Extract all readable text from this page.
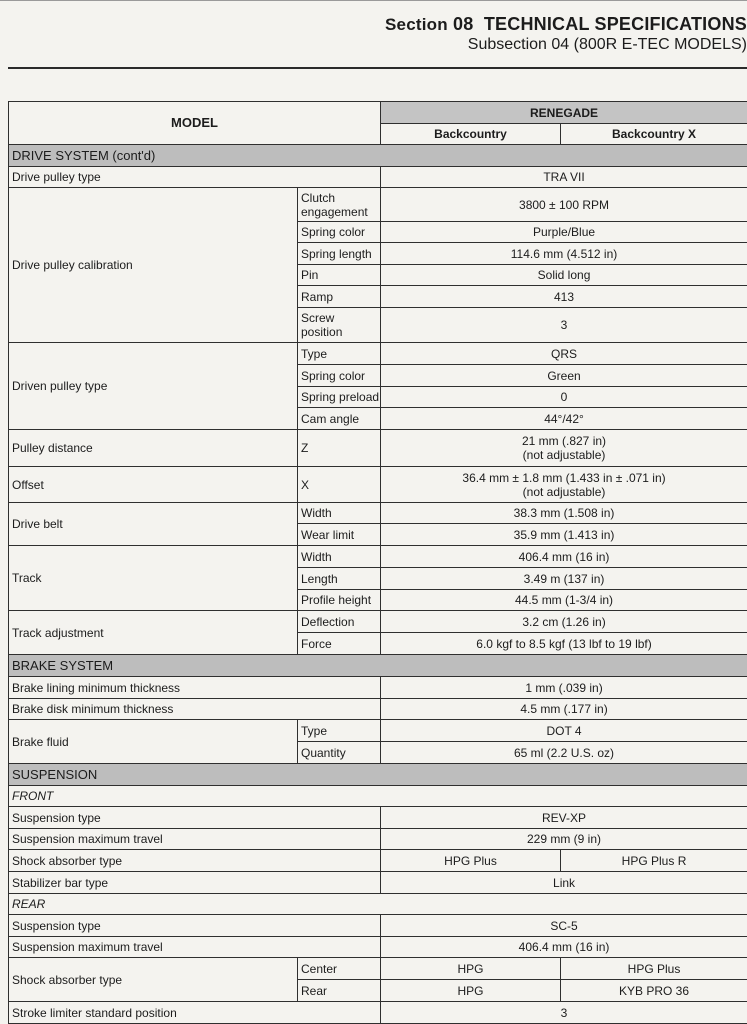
Section 08 TECHNICAL SPECIFICATIONS
Subsection 04 (800R E-TEC MODELS)
MODEL		RENEGADE	
		Backcountry	Backcountry X
DRIVE SYSTEM (cont'd)			
Drive pulley type		TRA VII	
Drive pulley calibration	Clutch engagement	3800 ± 100 RPM	
	Spring color	Purple/Blue	
	Spring length	114.6 mm (4.512 in)	
	Pin	Solid long	
	Ramp	413	
	Screw position	3	
Driven pulley type	Type	QRS	
	Spring color	Green	
	Spring preload	0	
	Cam angle	44°/42°	
Pulley distance	Z	21 mm (.827 in)
(not adjustable)	

Offset	X	36.4 mm ± 1.8 mm (1.433 in ± .071 in)
(not adjustable)	

Drive belt	Width	38.3 mm (1.508 in)	
	Wear limit	35.9 mm (1.413 in)	
Track	Width	406.4 mm (16 in)	
	Length	3.49 m (137 in)	
	Profile height	44.5 mm (1-3/4 in)	
Track adjustment	Deflection	3.2 cm (1.26 in)	
	Force	6.0 kgf to 8.5 kgf (13 lbf to 19 lbf)	
BRAKE SYSTEM			
Brake lining minimum thickness		1 mm (.039 in)	
Brake disk minimum thickness		4.5 mm (.177 in)	
Brake fluid	Type	DOT 4	
	Quantity	65 ml (2.2 U.S. oz)	
SUSPENSION			
FRONT			
Suspension type		REV-XP	
Suspension maximum travel		229 mm (9 in)	
Shock absorber type		HPG Plus	HPG Plus R
Stabilizer bar type		Link	
REAR			
Suspension type		SC-5	
Suspension maximum travel		406.4 mm (16 in)	
Shock absorber type	Center	HPG	HPG Plus
	Rear	HPG	KYB PRO 36
Stroke limiter standard position		3	
